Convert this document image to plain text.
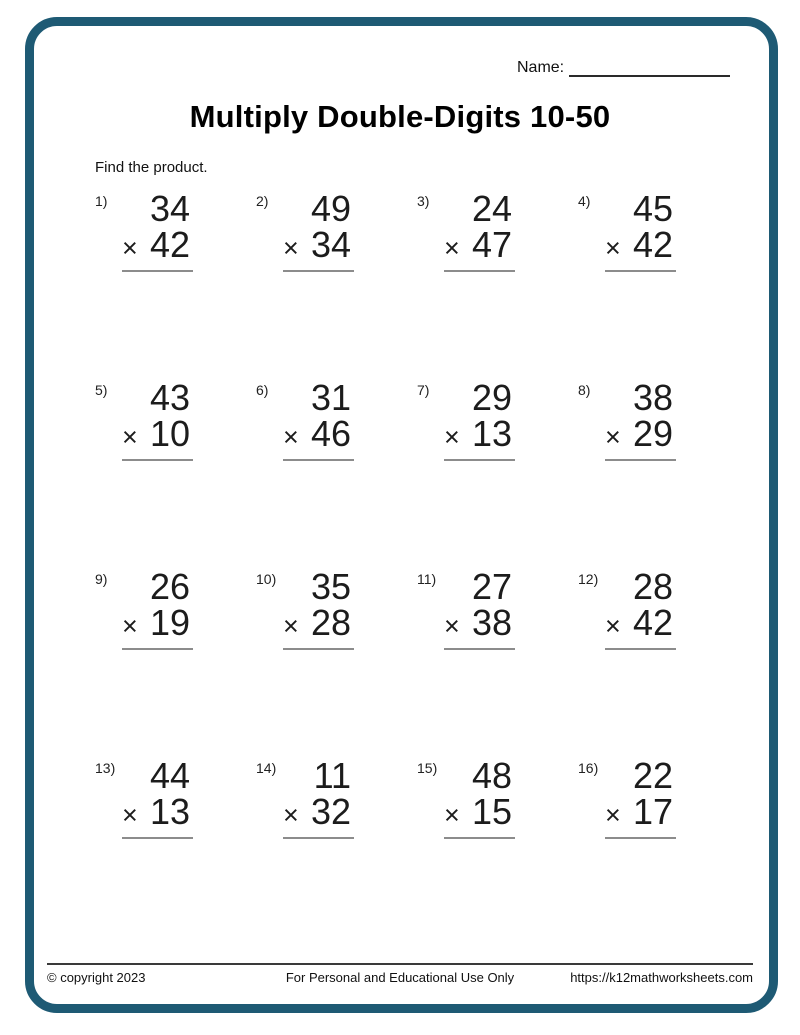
Name:
Multiply Double-Digits 10-50
Find the product.
1)	34
× 42
2)	49
× 34
3)	24
× 47
4)	45
× 42
5)	43
× 10
6)	31
× 46
7)	29
× 13
8)	38
× 29
9)	26
× 19
10) 35
× 28
11) 27
× 38
12) 28
× 42
13) 44
× 13
14)	11
× 32
15) 48
× 15
16) 22
× 17
© copyright 2023	For Personal and Educational Use Only	https://k12mathworksheets.com
